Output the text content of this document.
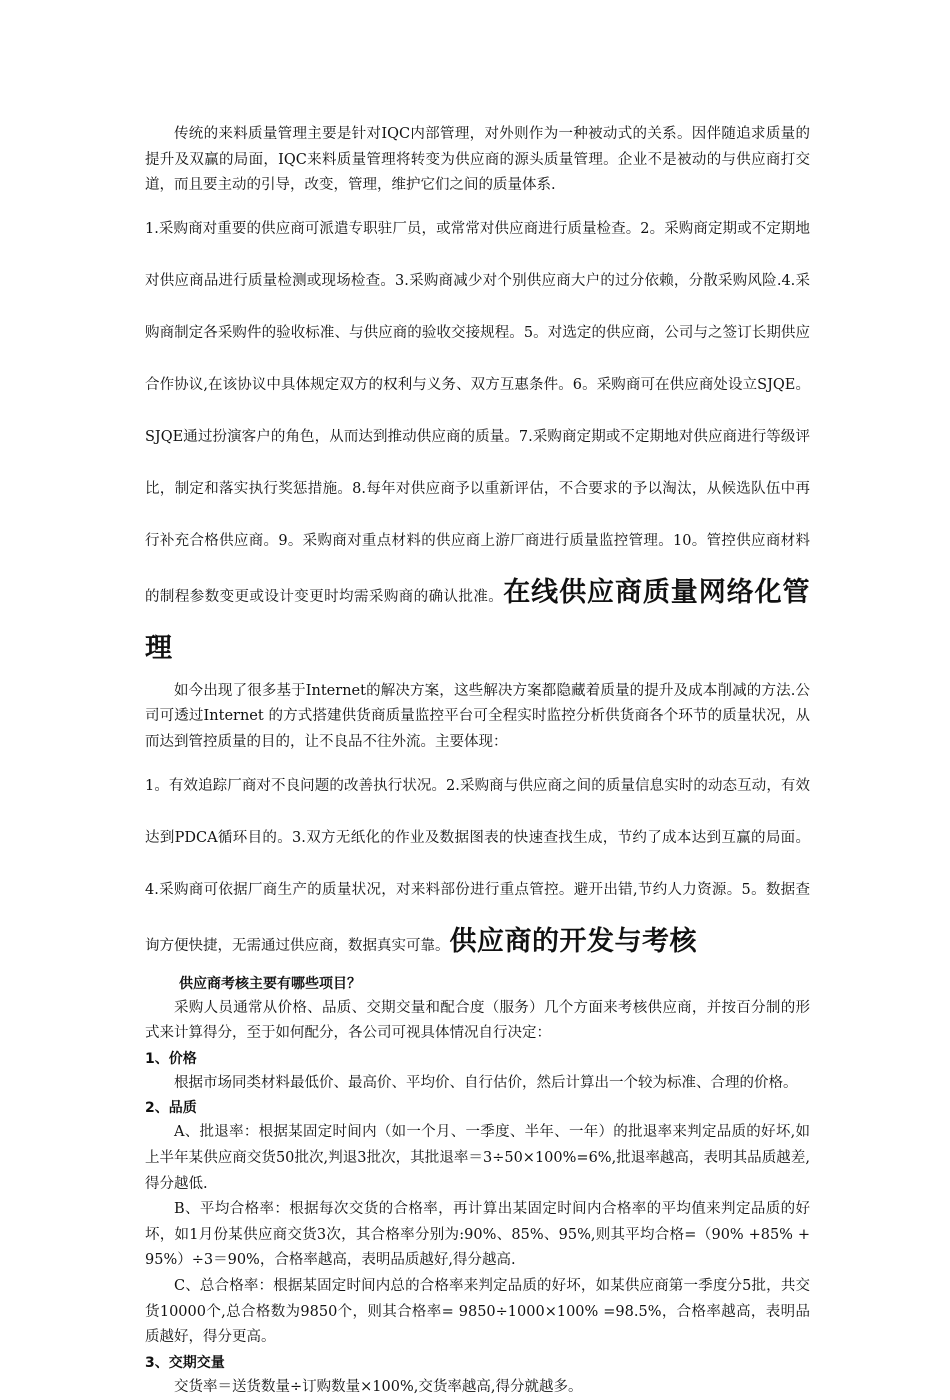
传统的来料质量管理主要是针对IQC内部管理，对外则作为一种被动式的关系。因伴随追求质量的提升及双赢的局面，IQC来料质量管理将转变为供应商的源头质量管理。企业不是被动的与供应商打交道，而且要主动的引导，改变，管理，维护它们之间的质量体系.

1.采购商对重要的供应商可派遣专职驻厂员，或常常对供应商进行质量检查。2。采购商定期或不定期地对供应商品进行质量检测或现场检查。3.采购商减少对个别供应商大户的过分依赖，分散采购风险.4.采购商制定各采购件的验收标准、与供应商的验收交接规程。5。对选定的供应商，公司与之签订长期供应合作协议,在该协议中具体规定双方的权利与义务、双方互惠条件。6。采购商可在供应商处设立SJQE。 SJQE通过扮演客户的角色，从而达到推动供应商的质量。7.采购商定期或不定期地对供应商进行等级评比，制定和落实执行奖惩措施。8.每年对供应商予以重新评估，不合要求的予以淘汰，从候选队伍中再行补充合格供应商。9。采购商对重点材料的供应商上游厂商进行质量监控管理。10。管控供应商材料的制程参数变更或设计变更时均需采购商的确认批准。在线供应商质量网络化管理

如今出现了很多基于Internet的解决方案，这些解决方案都隐藏着质量的提升及成本削减的方法.公司可透过Internet 的方式搭建供货商质量监控平台可全程实时监控分析供货商各个环节的质量状况，从而达到管控质量的目的，让不良品不往外流。主要体现：

1。有效追踪厂商对不良问题的改善执行状况。2.采购商与供应商之间的质量信息实时的动态互动，有效达到PDCA循环目的。3.双方无纸化的作业及数据图表的快速查找生成，节约了成本达到互赢的局面。4.采购商可依据厂商生产的质量状况，对来料部份进行重点管控。避开出错,节约人力资源。5。数据查询方便快捷，无需通过供应商，数据真实可靠。供应商的开发与考核

供应商考核主要有哪些项目？

采购人员通常从价格、品质、交期交量和配合度（服务）几个方面来考核供应商，并按百分制的形式来计算得分，至于如何配分，各公司可视具体情况自行决定：

1、价格

根据市场同类材料最低价、最高价、平均价、自行估价，然后计算出一个较为标准、合理的价格。

2、品质

A、批退率：根据某固定时间内（如一个月、一季度、半年、一年）的批退率来判定品质的好坏,如上半年某供应商交货50批次,判退3批次，其批退率＝3÷50×100%=6%,批退率越高，表明其品质越差,得分越低.

B、平均合格率：根据每次交货的合格率，再计算出某固定时间内合格率的平均值来判定品质的好坏，如1月份某供应商交货3次，其合格率分别为:90%、85%、95%,则其平均合格=（90% +85% + 95%）÷3＝90%，合格率越高，表明品质越好,得分越高.

C、总合格率：根据某固定时间内总的合格率来判定品质的好坏，如某供应商第一季度分5批，共交货10000个,总合格数为9850个，则其合格率= 9850÷1000×100% =98.5%，合格率越高，表明品质越好，得分更高。

3、交期交量

交货率＝送货数量÷订购数量×100%,交货率越高,得分就越多。
